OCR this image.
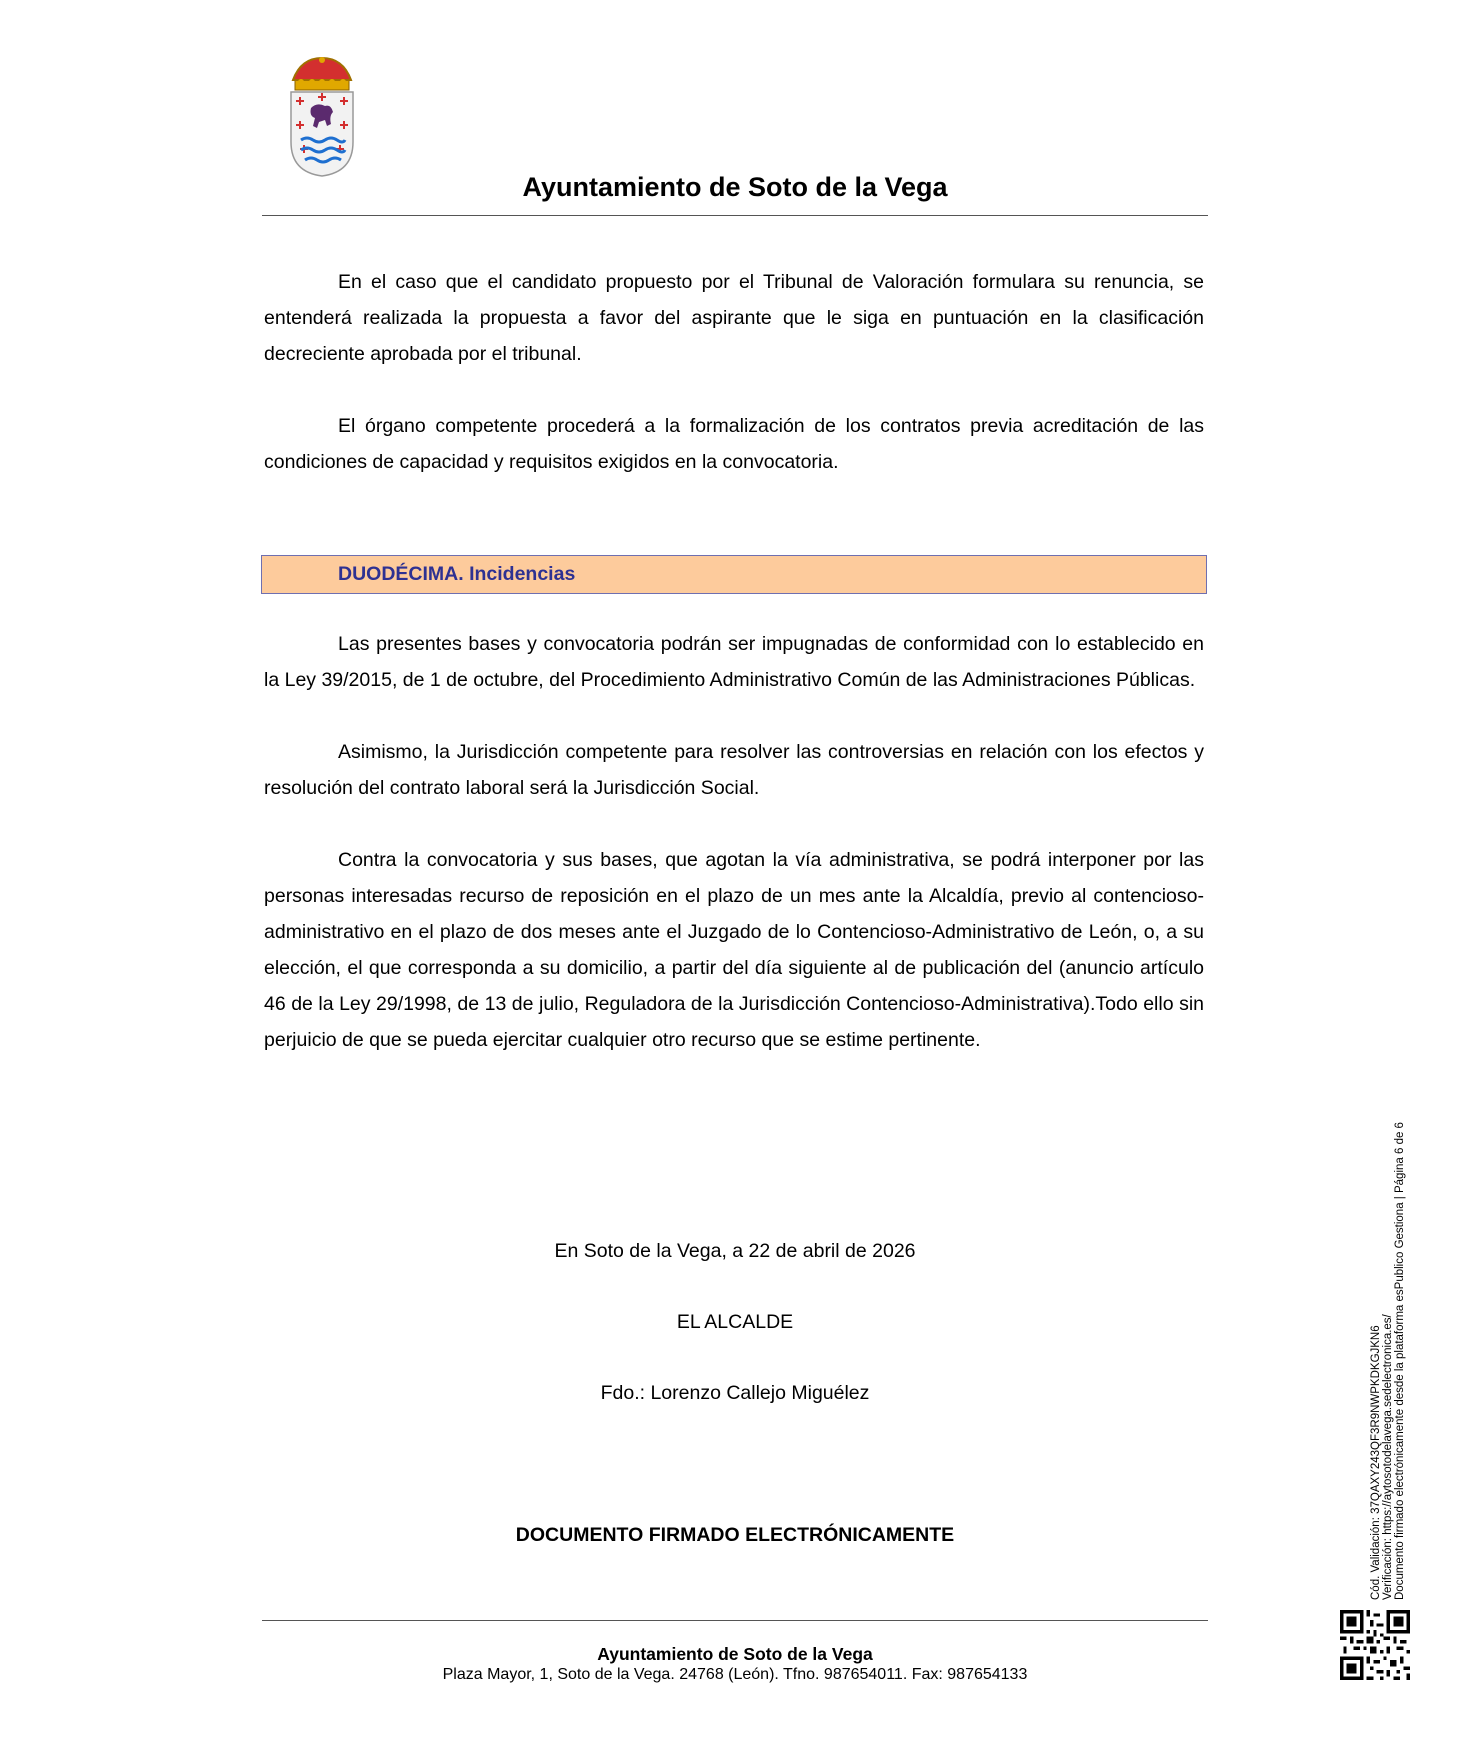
Ayuntamiento de Soto de la Vega

En el caso que el candidato propuesto por el Tribunal de Valoración formulara su renuncia, se entenderá realizada la propuesta a favor del aspirante que le siga en puntuación en la clasificación decreciente aprobada por el tribunal.

El órgano competente procederá a la formalización de los contratos previa acreditación de las condiciones de capacidad y requisitos exigidos en la convocatoria.

DUODÉCIMA. Incidencias

Las presentes bases y convocatoria podrán ser impugnadas de conformidad con lo establecido en la Ley 39/2015, de 1 de octubre, del Procedimiento Administrativo Común de las Administraciones Públicas.

Asimismo, la Jurisdicción competente para resolver las controversias en relación con los efectos y resolución del contrato laboral será la Jurisdicción Social.

Contra la convocatoria y sus bases, que agotan la vía administrativa, se podrá interponer por las personas interesadas recurso de reposición en el plazo de un mes ante la Alcaldía, previo al contencioso-administrativo en el plazo de dos meses ante el Juzgado de lo Contencioso-Administrativo de León, o, a su elección, el que corresponda a su domicilio, a partir del día siguiente al de publicación del (anuncio artículo 46 de la Ley 29/1998, de 13 de julio, Reguladora de la Jurisdicción Contencioso-Administrativa).Todo ello sin perjuicio de que se pueda ejercitar cualquier otro recurso que se estime pertinente.

En Soto de la Vega, a 22 de abril de 2026
EL ALCALDE
Fdo.: Lorenzo Callejo Miguélez
DOCUMENTO FIRMADO ELECTRÓNICAMENTE
Ayuntamiento de Soto de la Vega
Plaza Mayor, 1, Soto de la Vega. 24768 (León). Tfno. 987654011. Fax: 987654133
Cód. Validación: 37QAXY243QF3R9NWPKDKGJKN6 Verificación: https://aytosotodelavega.sedelectronica.es/ Documento firmado electrónicamente desde la plataforma esPublico Gestiona | Página 6 de 6
